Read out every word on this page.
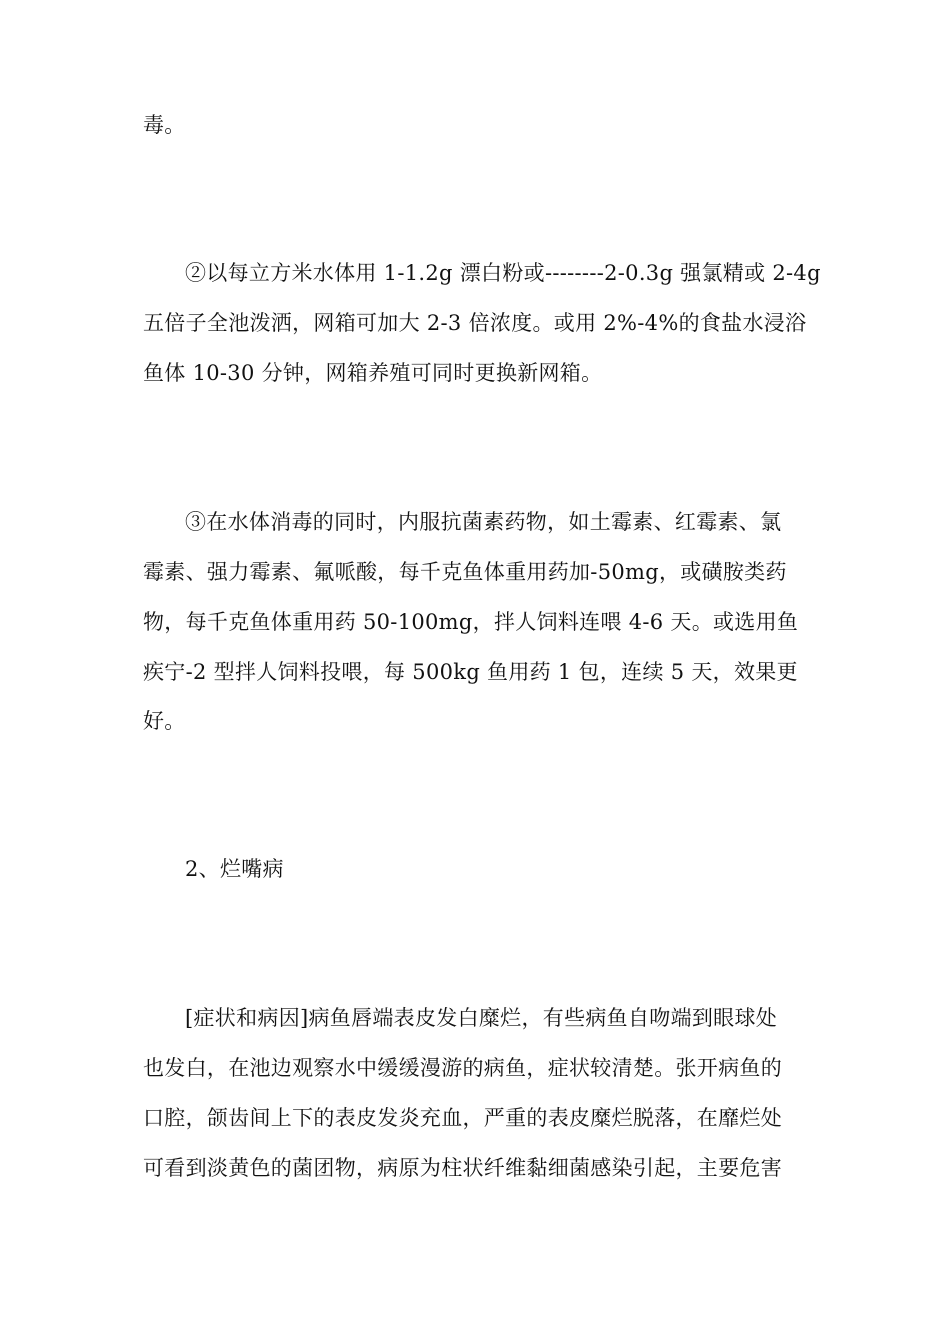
毒。
②以每立方米水体用 1-1.2g 漂白粉或--------2-0.3g 强氯精或 2-4g
五倍子全池泼洒，网箱可加大 2-3 倍浓度。或用 2%-4%的食盐水浸浴
鱼体 10-30 分钟，网箱养殖可同时更换新网箱。
③在水体消毒的同时，内服抗菌素药物，如土霉素、红霉素、氯
霉素、强力霉素、氟哌酸，每千克鱼体重用药加-50mg，或磺胺类药
物，每千克鱼体重用药 50-100mg，拌人饲料连喂 4-6 天。或选用鱼
疾宁-2 型拌人饲料投喂，每 500kg 鱼用药 1 包，连续 5 天，效果更
好。
2、烂嘴病
[症状和病因]病鱼唇端表皮发白糜烂，有些病鱼自吻端到眼球处
也发白，在池边观察水中缓缓漫游的病鱼，症状较清楚。张开病鱼的
口腔，颌齿间上下的表皮发炎充血，严重的表皮糜烂脱落，在靡烂处
可看到淡黄色的菌团物，病原为柱状纤维黏细菌感染引起，主要危害
